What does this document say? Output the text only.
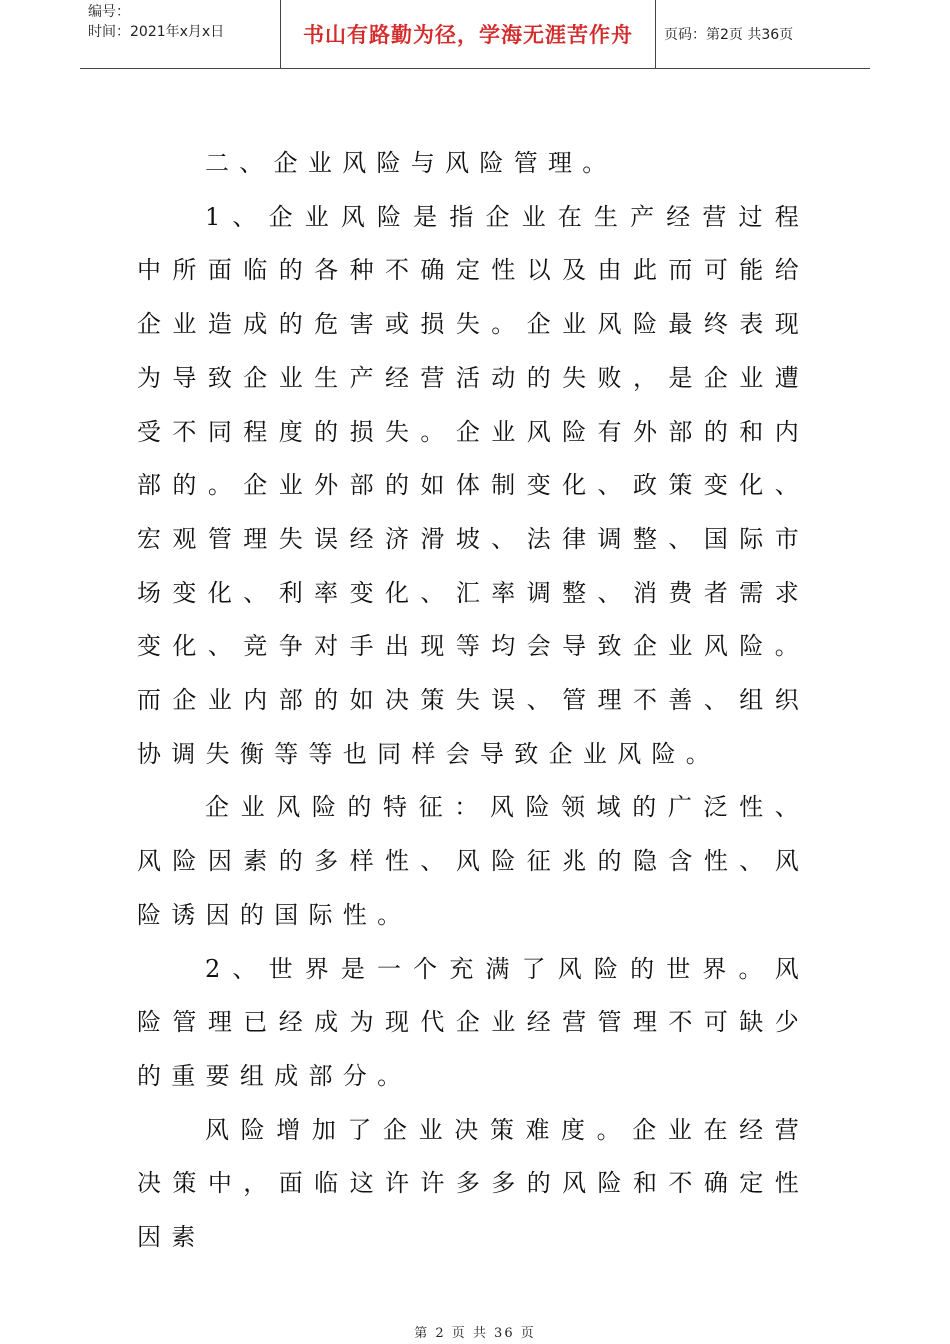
编号：
时间：2021年x月x日	书山有路勤为径，学海无涯苦作舟	页码：第2页 共36页

二、企业风险与风险管理。

1、企业风险是指企业在生产经营过程中所面临的各种不确定性以及由此而可能给企业造成的危害或损失。企业风险最终表现为导致企业生产经营活动的失败，是企业遭受不同程度的损失。企业风险有外部的和内部的。企业外部的如体制变化、政策变化、宏观管理失误经济滑坡、法律调整、国际市场变化、利率变化、汇率调整、消费者需求变化、竞争对手出现等均会导致企业风险。而企业内部的如决策失误、管理不善、组织协调失衡等等也同样会导致企业风险。

企业风险的特征：风险领域的广泛性、风险因素的多样性、风险征兆的隐含性、风险诱因的国际性。

2、世界是一个充满了风险的世界。风险管理已经成为现代企业经营管理不可缺少的重要组成部分。

风险增加了企业决策难度。企业在经营决策中，面临这许许多多的风险和不确定性因素

第 2 页 共 36 页
